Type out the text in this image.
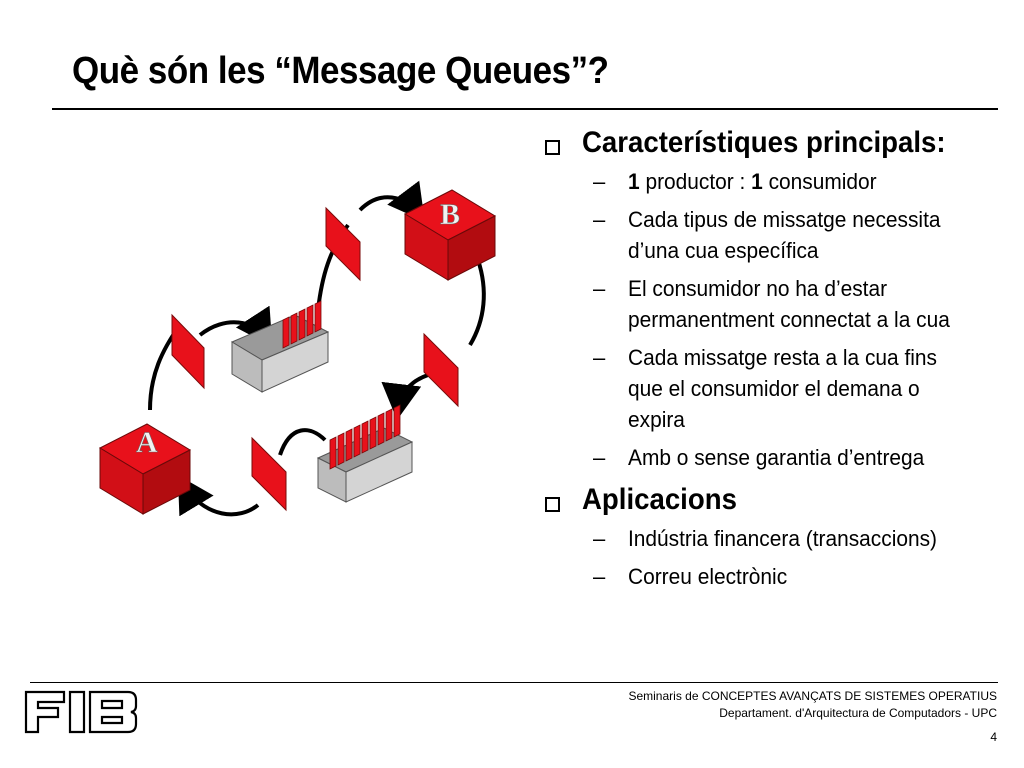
Què són les “Message Queues”?
B
A
Característiques principals:
–	1 productor : 1 consumidor
–	Cada tipus de missatge necessita d’una cua específica
–	El consumidor no ha d’estar permanentment connectat a la cua
–	Cada missatge resta a la cua fins que el consumidor el demana o expira
–	Amb o sense garantia d’entrega
Aplicacions
–	Indústria financera (transaccions)
–	Correu electrònic
Seminaris de CONCEPTES AVANÇATS DE SISTEMES OPERATIUS
Departament. d'Arquitectura de Computadors - UPC
4
